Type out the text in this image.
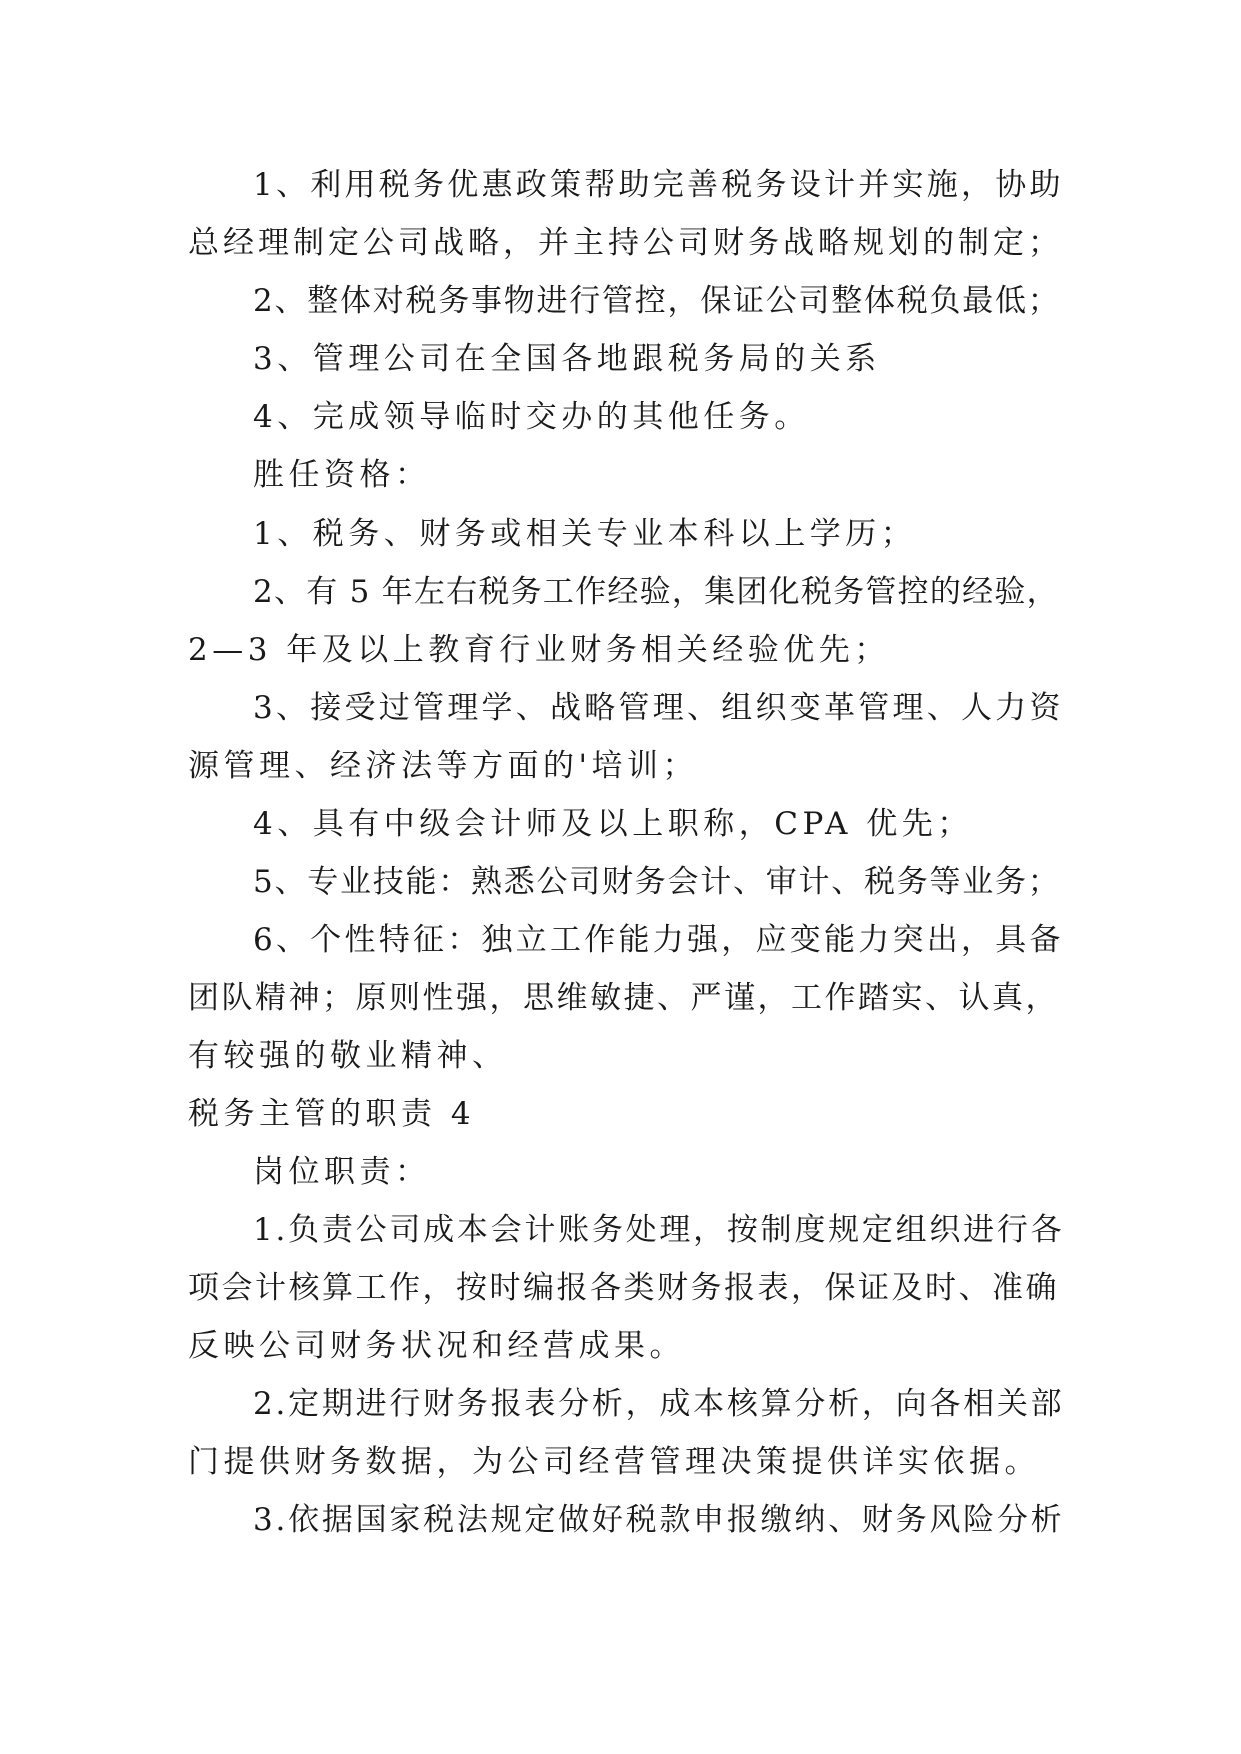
1、利用税务优惠政策帮助完善税务设计并实施，协助
总经理制定公司战略，并主持公司财务战略规划的制定；
2、整体对税务事物进行管控，保证公司整体税负最低；
3、管理公司在全国各地跟税务局的关系
4、完成领导临时交办的其他任务。
胜任资格：
1、税务、财务或相关专业本科以上学历；
2、有 5 年左右税务工作经验，集团化税务管控的经验，
2—3 年及以上教育行业财务相关经验优先；
3、接受过管理学、战略管理、组织变革管理、人力资
源管理、经济法等方面的'培训；
4、具有中级会计师及以上职称，CPA 优先；
5、专业技能：熟悉公司财务会计、审计、税务等业务；
6、个性特征：独立工作能力强，应变能力突出，具备
团队精神；原则性强，思维敏捷、严谨，工作踏实、认真，
有较强的敬业精神、
税务主管的职责 4
岗位职责：
1.负责公司成本会计账务处理，按制度规定组织进行各
项会计核算工作，按时编报各类财务报表，保证及时、准确
反映公司财务状况和经营成果。
2.定期进行财务报表分析，成本核算分析，向各相关部
门提供财务数据，为公司经营管理决策提供详实依据。
3.依据国家税法规定做好税款申报缴纳、财务风险分析
